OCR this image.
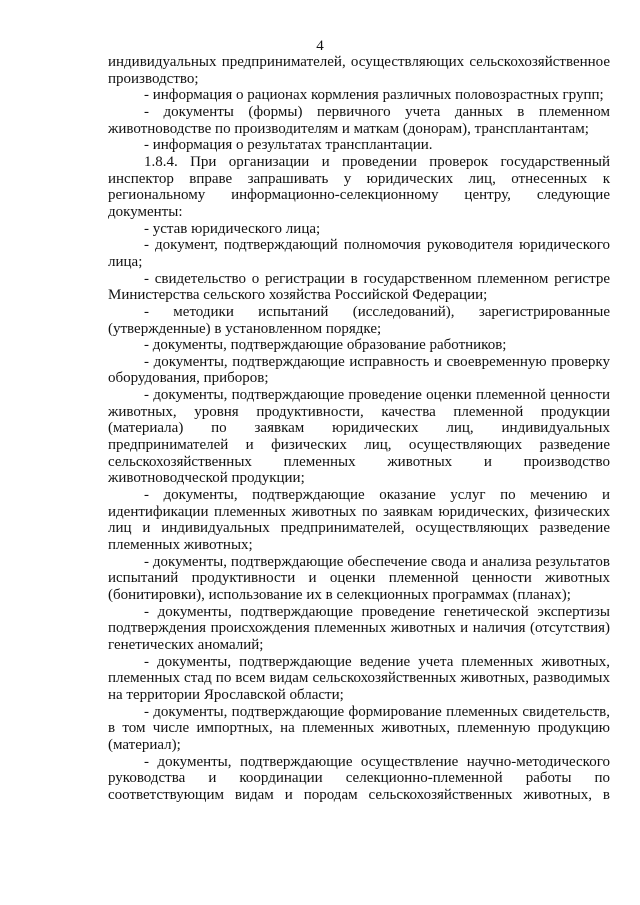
4

индивидуальных предпринимателей, осуществляющих сельскохозяйственное производство;

- информация о рационах кормления различных половозрастных групп;

- документы (формы) первичного учета данных в племенном животноводстве по производителям и маткам (донорам), трансплантантам;

- информация о результатах трансплантации.

1.8.4. При организации и проведении проверок государственный инспектор вправе запрашивать у юридических лиц, отнесенных к региональному информационно-селекционному центру, следующие документы:

- устав юридического лица;

- документ, подтверждающий полномочия руководителя юридического лица;

- свидетельство о регистрации в государственном племенном регистре Министерства сельского хозяйства Российской Федерации;

- методики испытаний (исследований), зарегистрированные (утвержденные) в установленном порядке;

- документы, подтверждающие образование работников;

- документы, подтверждающие исправность и своевременную проверку оборудования, приборов;

- документы, подтверждающие проведение оценки племенной ценности животных, уровня продуктивности, качества племенной продукции (материала) по заявкам юридических лиц, индивидуальных предпринимателей и физических лиц, осуществляющих разведение сельскохозяйственных племенных животных и производство животноводческой продукции;

- документы, подтверждающие оказание услуг по мечению и идентификации племенных животных по заявкам юридических, физических лиц и индивидуальных предпринимателей, осуществляющих разведение племенных животных;

- документы, подтверждающие обеспечение свода и анализа результатов испытаний продуктивности и оценки племенной ценности животных (бонитировки), использование их в селекционных программах (планах);

- документы, подтверждающие проведение генетической экспертизы подтверждения происхождения племенных животных и наличия (отсутствия) генетических аномалий;

- документы, подтверждающие ведение учета племенных животных, племенных стад по всем видам сельскохозяйственных животных, разводимых на территории Ярославской области;

- документы, подтверждающие формирование племенных свидетельств, в том числе импортных, на племенных животных, племенную продукцию (материал);

- документы, подтверждающие осуществление научно-методического руководства и координации селекционно-племенной работы по соответствующим видам и породам сельскохозяйственных животных, в
